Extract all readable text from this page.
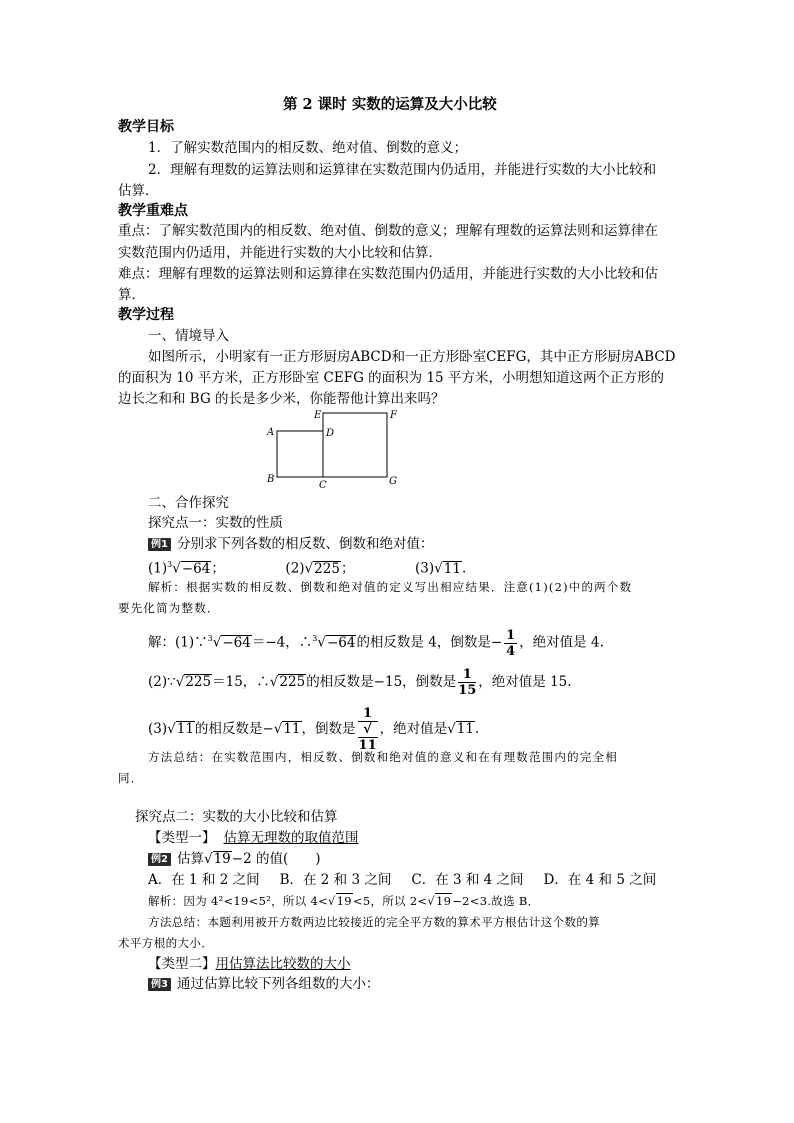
第 2 课时 实数的运算及大小比较
教学目标
1．了解实数范围内的相反数、绝对值、倒数的意义；
2．理解有理数的运算法则和运算律在实数范围内仍适用，并能进行实数的大小比较和
估算．
教学重难点
重点：了解实数范围内的相反数、绝对值、倒数的意义；理解有理数的运算法则和运算律在
实数范围内仍适用，并能进行实数的大小比较和估算．
难点：理解有理数的运算法则和运算律在实数范围内仍适用，并能进行实数的大小比较和估
算．
教学过程
一、情境导入
如图所示，小明家有一正方形厨房ABCD和一正方形卧室CEFG，其中正方形厨房ABCD
的面积为 10 平方米，正方形卧室 CEFG 的面积为 15 平方米，小明想知道这两个正方形的
边长之和和 BG 的长是多少米，你能帮他计算出来吗？
A	D
E	F
B
C	G
二、合作探究
探究点一：实数的性质
例1 分别求下列各数的相反数、倒数和绝对值：
$(1)^3√-64$；	(2)√225；	(3)√11.
解析：根据实数的相反数、倒数和绝对值的定义写出相应结果．注意(1)(2)中的两个数
要先化简为整数．
解：(1)∵$^3$√−64＝−4，∴$^3$√−64的相反数是 4，倒数是− $\frac{1}{4}$ ，绝对值是 4.
(2)∵√225＝15，∴√225的相反数是−15，倒数是 $\frac{1}{15}$ ，绝对值是 15.
(3)√11的相反数是−√11，倒数是 1
√
11 ，绝对值是√11.
方法总结：在实数范围内，相反数、倒数和绝对值的意义和在有理数范围内的完全相
同．
探究点二：实数的大小比较和估算
【类型一】 估算无理数的取值范围
例2 估算√19−2 的值(　　)
A．在 1 和 2 之间 B．在 2 和 3 之间 C．在 3 和 4 之间 D．在 4 和 5 之间
解析：因为 4²<19<5²，所以 4<√19<5，所以 2<√19−2<3.故选 B．
方法总结：本题利用被开方数两边比较接近的完全平方数的算术平方根估计这个数的算
术平方根的大小．
【类型二】用估算法比较数的大小
例3 通过估算比较下列各组数的大小：
